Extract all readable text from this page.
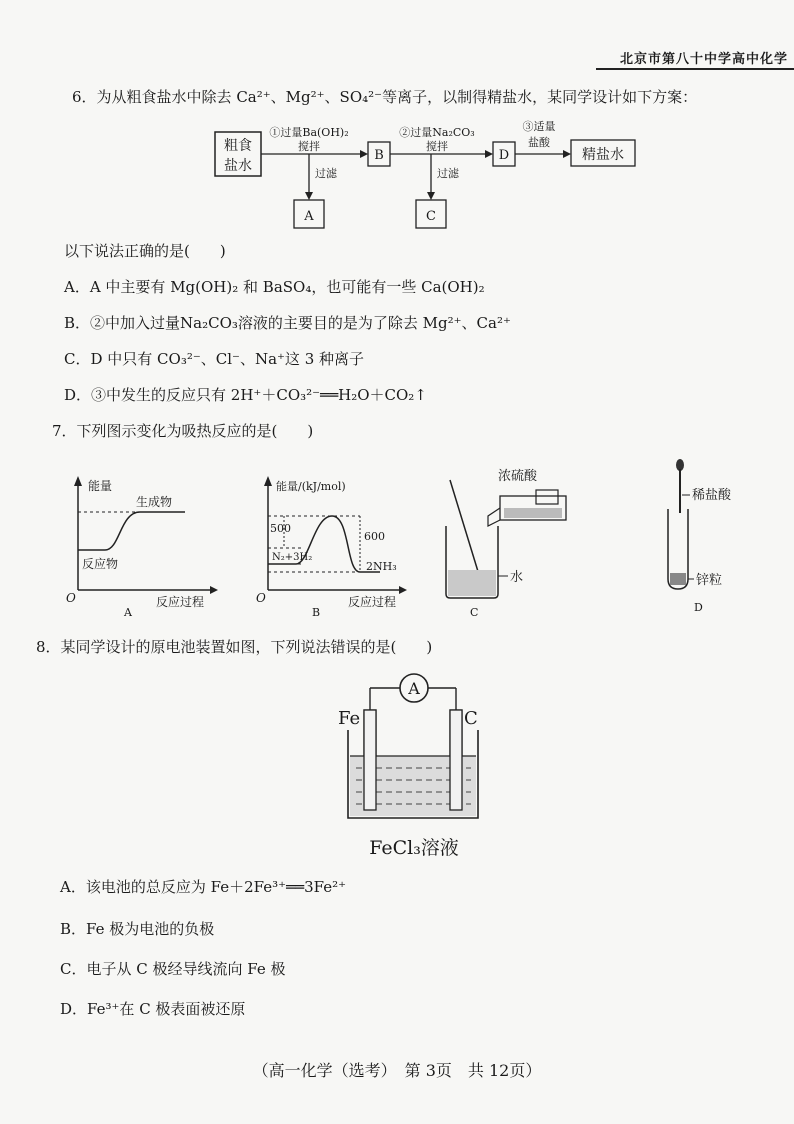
北京市第八十中学高中化学
6．为从粗食盐水中除去 Ca²⁺、Mg²⁺、SO₄²⁻等离子，以制得精盐水，某同学设计如下方案：
粗食
盐水
①过量Ba(OH)₂
搅拌
过滤
A
B
②过量Na₂CO₃
搅拌
过滤
C
D
③适量
盐酸
精盐水
以下说法正确的是(　　)
A．A 中主要有 Mg(OH)₂ 和 BaSO₄，也可能有一些 Ca(OH)₂
B．②中加入过量Na₂CO₃溶液的主要目的是为了除去 Mg²⁺、Ca²⁺
C．D 中只有 CO₃²⁻、Cl⁻、Na⁺这 3 种离子
D．③中发生的反应只有 2H⁺＋CO₃²⁻══H₂O＋CO₂↑
7．下列图示变化为吸热反应的是(　　)
能量
生成物
反应物
O	反应过程
A
能量/(kJ/mol)
500
600
N₂+3H₂
2NH₃
O	反应过程
B
浓硫酸
水
C
稀盐酸
锌粒
D
8．某同学设计的原电池装置如图，下列说法错误的是(　　)
A
Fe	C
FeCl₃溶液
A．该电池的总反应为 Fe＋2Fe³⁺══3Fe²⁺
B．Fe 极为电池的负极
C．电子从 C 极经导线流向 Fe 极
D．Fe³⁺在 C 极表面被还原
（高一化学（选考）　第 3页　共 12页）
